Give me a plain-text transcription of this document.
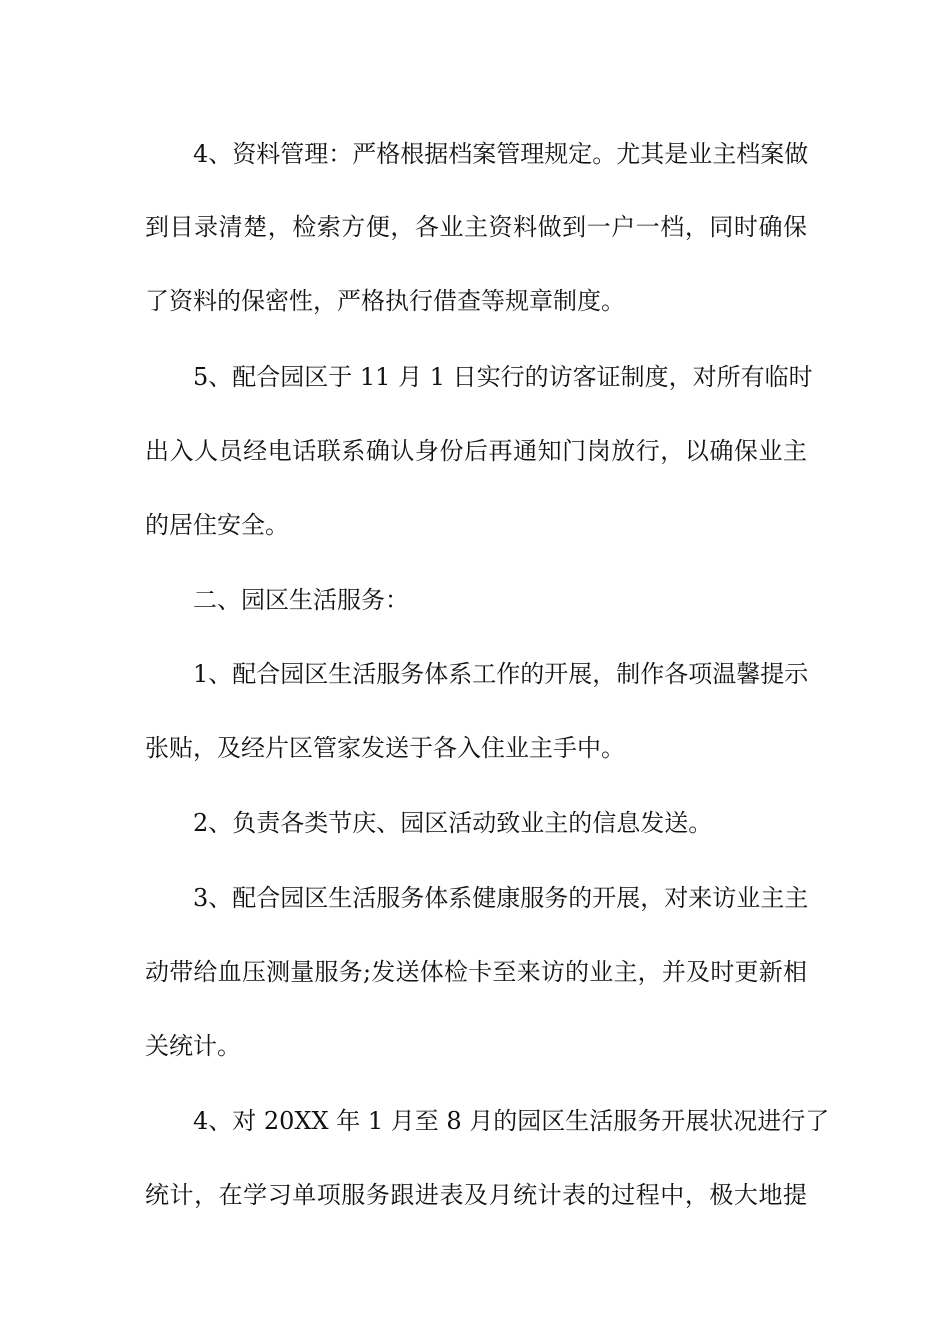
4、资料管理：严格根据档案管理规定。尤其是业主档案做
到目录清楚，检索方便，各业主资料做到一户一档，同时确保
了资料的保密性，严格执行借查等规章制度。
5、配合园区于 11 月 1 日实行的访客证制度，对所有临时
出入人员经电话联系确认身份后再通知门岗放行，以确保业主
的居住安全。
二、园区生活服务：
1、配合园区生活服务体系工作的开展，制作各项温馨提示
张贴，及经片区管家发送于各入住业主手中。
2、负责各类节庆、园区活动致业主的信息发送。
3、配合园区生活服务体系健康服务的开展，对来访业主主
动带给血压测量服务;发送体检卡至来访的业主，并及时更新相
关统计。
4、对 20XX 年 1 月至 8 月的园区生活服务开展状况进行了
统计，在学习单项服务跟进表及月统计表的过程中，极大地提
